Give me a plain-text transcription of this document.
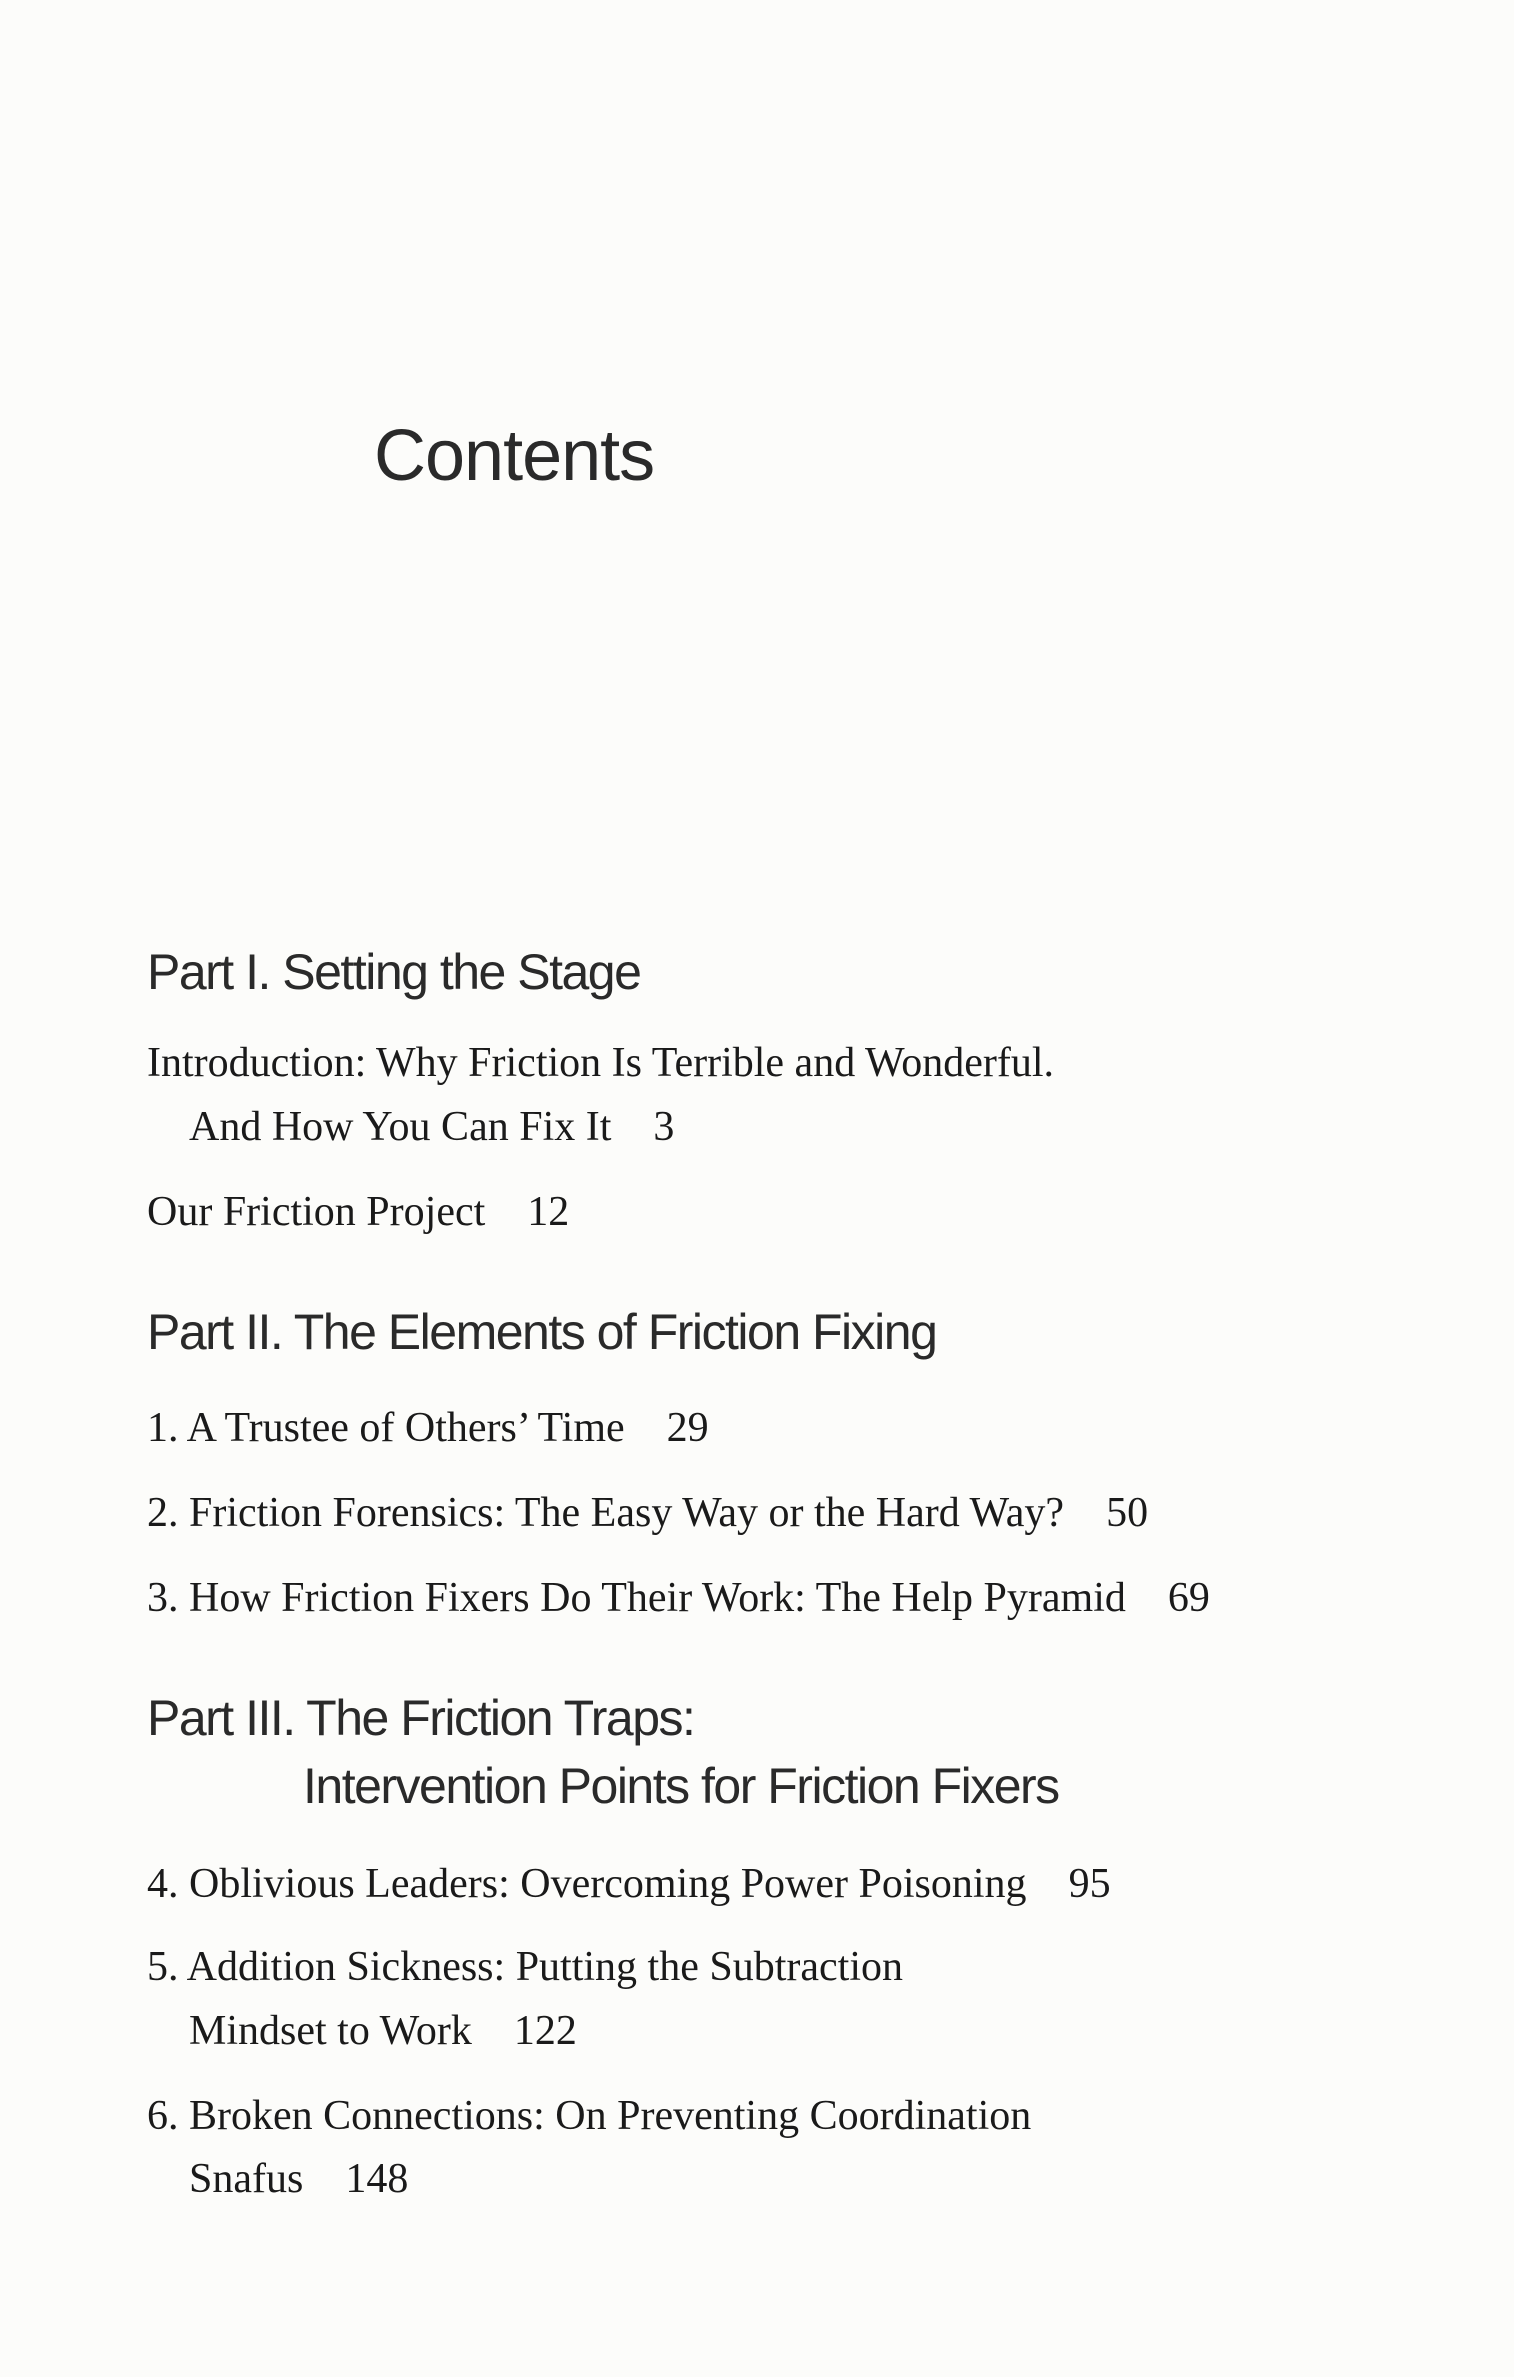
Contents
Part I. Setting the Stage
Introduction: Why Friction Is Terrible and Wonderful.
And How You Can Fix It 3
Our Friction Project 12
Part II. The Elements of Friction Fixing
1. A Trustee of Others’ Time 29
2. Friction Forensics: The Easy Way or the Hard Way? 50
3. How Friction Fixers Do Their Work: The Help Pyramid 69
Part III. The Friction Traps:
Intervention Points for Friction Fixers
4. Oblivious Leaders: Overcoming Power Poisoning 95
5. Addition Sickness: Putting the Subtraction
Mindset to Work 122
6. Broken Connections: On Preventing Coordination
Snafus 148
